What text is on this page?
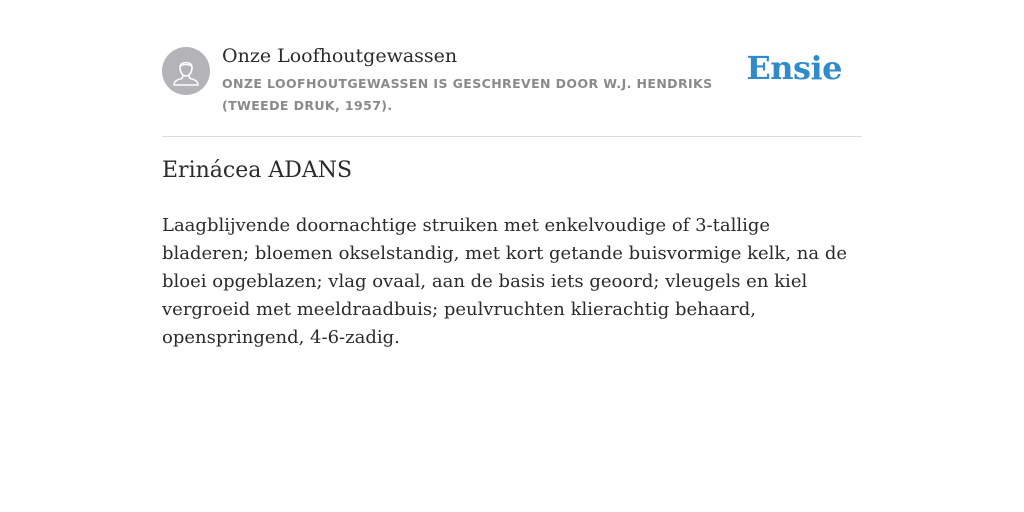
Onze Loofhoutgewassen
ONZE LOOFHOUTGEWASSEN IS GESCHREVEN DOOR W.J. HENDRIKS (TWEEDE DRUK, 1957).
Ensie
Erinácea ADANS

Laagblijvende doornachtige struiken met enkelvoudige of 3-tallige bladeren; bloemen okselstandig, met kort getande buisvormige kelk, na de bloei opgeblazen; vlag ovaal, aan de basis iets geoord; vleugels en kiel vergroeid met meeldraadbuis; peulvruchten klierachtig behaard, openspringend, 4-6-zadig.
